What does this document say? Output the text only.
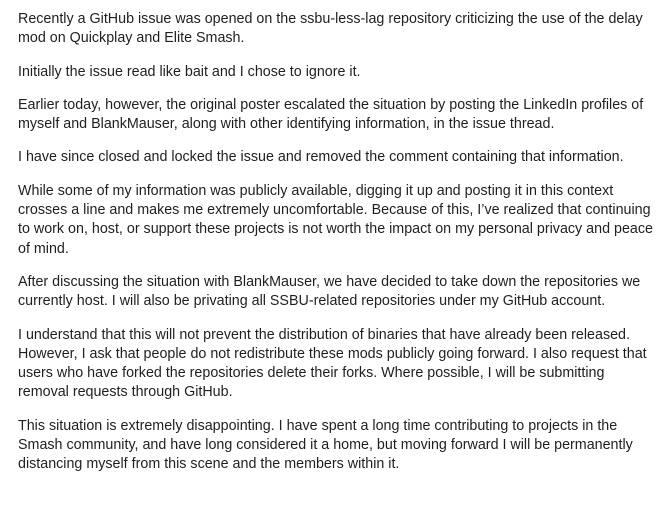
Recently a GitHub issue was opened on the ssbu-less-lag repository criticizing the use of the delay mod on Quickplay and Elite Smash.

Initially the issue read like bait and I chose to ignore it.

Earlier today, however, the original poster escalated the situation by posting the LinkedIn profiles of myself and BlankMauser, along with other identifying information, in the issue thread.

I have since closed and locked the issue and removed the comment containing that information.

While some of my information was publicly available, digging it up and posting it in this context crosses a line and makes me extremely uncomfortable. Because of this, I’ve realized that continuing to work on, host, or support these projects is not worth the impact on my personal privacy and peace of mind.

After discussing the situation with BlankMauser, we have decided to take down the repositories we currently host. I will also be privating all SSBU-related repositories under my GitHub account.

I understand that this will not prevent the distribution of binaries that have already been released. However, I ask that people do not redistribute these mods publicly going forward. I also request that users who have forked the repositories delete their forks. Where possible, I will be submitting removal requests through GitHub.

This situation is extremely disappointing. I have spent a long time contributing to projects in the Smash community, and have long considered it a home, but moving forward I will be permanently distancing myself from this scene and the members within it.
